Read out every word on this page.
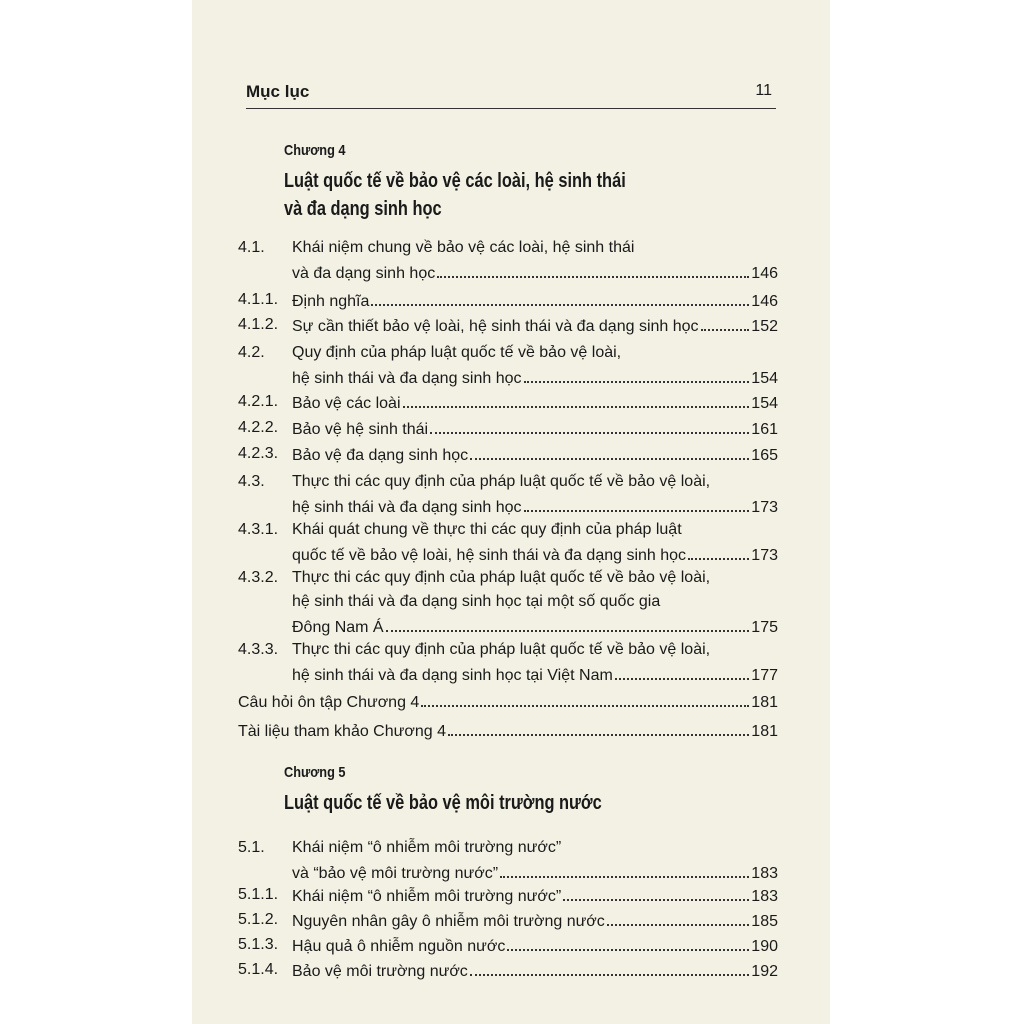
Mục lục	11
Chương 4
Luật quốc tế về bảo vệ các loài, hệ sinh thái
và đa dạng sinh học
Chương 5
Luật quốc tế về bảo vệ môi trường nước
4.1. Khái niệm chung về bảo vệ các loài, hệ sinh thái
và đa dạng sinh học	146
4.1.1. Định nghĩa	146
4.1.2. Sự cần thiết bảo vệ loài, hệ sinh thái và đa dạng sinh học	152
4.2. Quy định của pháp luật quốc tế về bảo vệ loài,
hệ sinh thái và đa dạng sinh học	154
4.2.1. Bảo vệ các loài	154
4.2.2. Bảo vệ hệ sinh thái	161
4.2.3. Bảo vệ đa dạng sinh học	165
4.3. Thực thi các quy định của pháp luật quốc tế về bảo vệ loài,
hệ sinh thái và đa dạng sinh học	173
4.3.1. Khái quát chung về thực thi các quy định của pháp luật
quốc tế về bảo vệ loài, hệ sinh thái và đa dạng sinh học	173
4.3.2. Thực thi các quy định của pháp luật quốc tế về bảo vệ loài,
hệ sinh thái và đa dạng sinh học tại một số quốc gia
Đông Nam Á	175
4.3.3. Thực thi các quy định của pháp luật quốc tế về bảo vệ loài,
hệ sinh thái và đa dạng sinh học tại Việt Nam	177
Câu hỏi ôn tập Chương 4	181
Tài liệu tham khảo Chương 4	181
5.1. Khái niệm “ô nhiễm môi trường nước”
và “bảo vệ môi trường nước”	183
5.1.1. Khái niệm “ô nhiễm môi trường nước”	183
5.1.2. Nguyên nhân gây ô nhiễm môi trường nước	185
5.1.3. Hậu quả ô nhiễm nguồn nước	190
5.1.4. Bảo vệ môi trường nước	192
